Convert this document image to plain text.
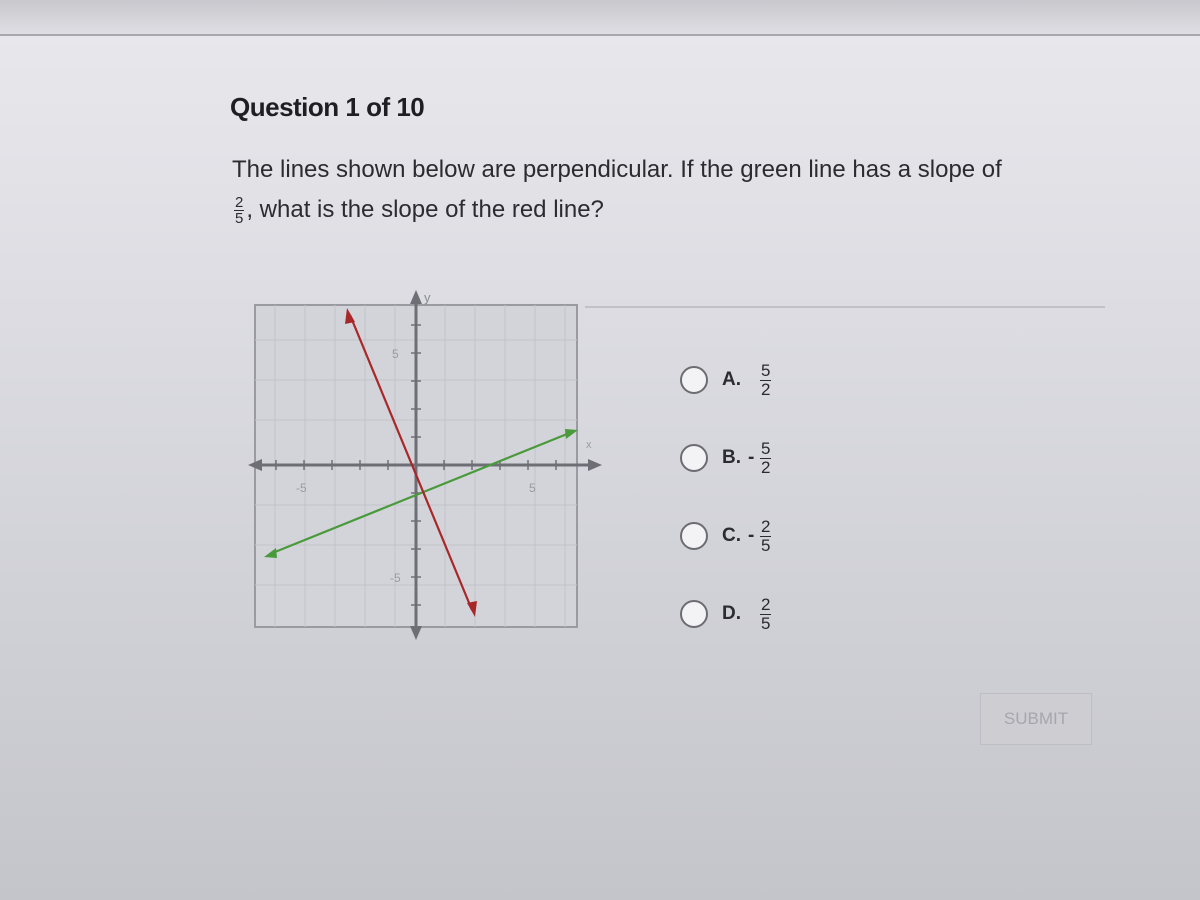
Question 1 of 10
The lines shown below are perpendicular. If the green line has a slope of

$\frac{2}{5}$ , what is the slope of the red line?
y
x
5
-5
-5	5
A. $\frac{5}{2}$
B. - $\frac{5}{2}$
C. - $\frac{2}{5}$
D. $\frac{2}{5}$
SUBMIT
